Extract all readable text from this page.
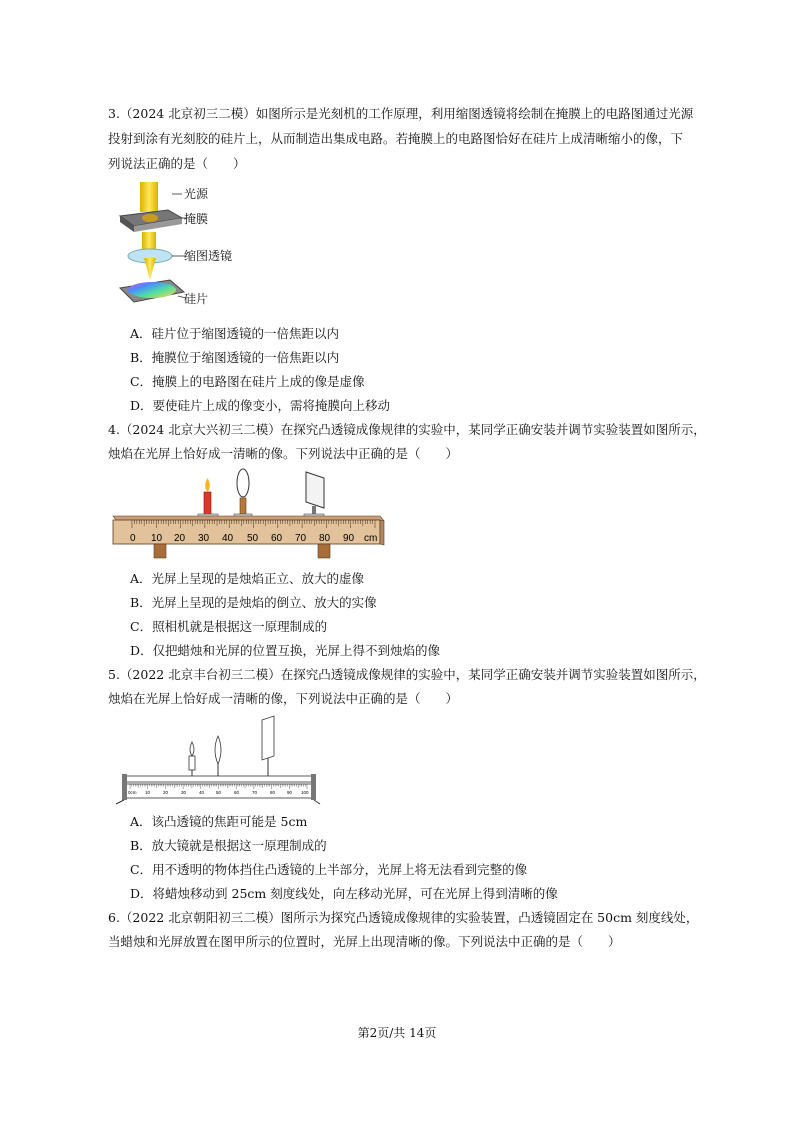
3.（2024 北京初三二模）如图所示是光刻机的工作原理，利用缩图透镜将绘制在掩膜上的电路图通过光源
投射到涂有光刻胶的硅片上，从而制造出集成电路。若掩膜上的电路图恰好在硅片上成清晰缩小的像，下
列说法正确的是（　　）
光源
掩膜
缩图透镜
硅片
A．硅片位于缩图透镜的一倍焦距以内
B．掩膜位于缩图透镜的一倍焦距以内
C．掩膜上的电路图在硅片上成的像是虚像
D．要使硅片上成的像变小，需将掩膜向上移动
4.（2024 北京大兴初三二模）在探究凸透镜成像规律的实验中，某同学正确安装并调节实验装置如图所示，
烛焰在光屏上恰好成一清晰的像。下列说法中正确的是（　　）
0 10 20 30 40 50 60 70 80 90 cm
A．光屏上呈现的是烛焰正立、放大的虚像
B．光屏上呈现的是烛焰的倒立、放大的实像
C．照相机就是根据这一原理制成的
D．仅把蜡烛和光屏的位置互换，光屏上得不到烛焰的像
5.（2022 北京丰台初三二模）在探究凸透镜成像规律的实验中，某同学正确安装并调节实验装置如图所示，
烛焰在光屏上恰好成一清晰的像，下列说法中正确的是（　　）
0cm 10	20	30	40	50	60	70	80	90 100
A．该凸透镜的焦距可能是 5cm
B．放大镜就是根据这一原理制成的
C．用不透明的物体挡住凸透镜的上半部分，光屏上将无法看到完整的像
D．将蜡烛移动到 25cm 刻度线处，向左移动光屏，可在光屏上得到清晰的像
6.（2022 北京朝阳初三二模）图所示为探究凸透镜成像规律的实验装置，凸透镜固定在 50cm 刻度线处，
当蜡烛和光屏放置在图甲所示的位置时，光屏上出现清晰的像。下列说法中正确的是（　　）
第2页/共 14页
